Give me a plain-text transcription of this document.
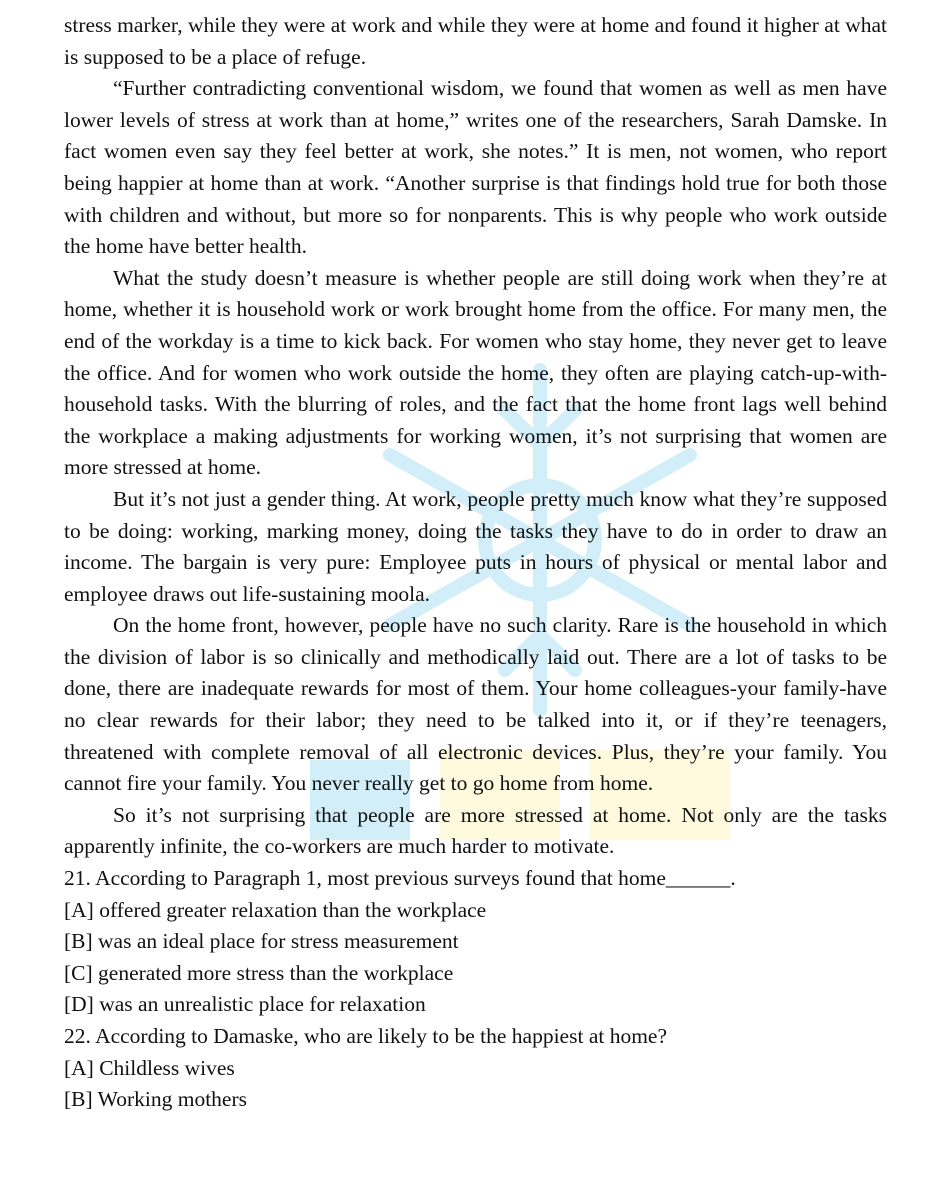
stress marker, while they were at work and while they were at home and found it higher at what is supposed to be a place of refuge.

“Further contradicting conventional wisdom, we found that women as well as men have lower levels of stress at work than at home,” writes one of the researchers, Sarah Damske. In fact women even say they feel better at work, she notes.” It is men, not women, who report being happier at home than at work. “Another surprise is that findings hold true for both those with children and without, but more so for nonparents. This is why people who work outside the home have better health.

What the study doesn’t measure is whether people are still doing work when they’re at home, whether it is household work or work brought home from the office. For many men, the end of the workday is a time to kick back. For women who stay home, they never get to leave the office. And for women who work outside the home, they often are playing catch-up-with-household tasks. With the blurring of roles, and the fact that the home front lags well behind the workplace a making adjustments for working women, it’s not surprising that women are more stressed at home.

But it’s not just a gender thing. At work, people pretty much know what they’re supposed to be doing: working, marking money, doing the tasks they have to do in order to draw an income. The bargain is very pure: Employee puts in hours of physical or mental labor and employee draws out life-sustaining moola.

On the home front, however, people have no such clarity. Rare is the household in which the division of labor is so clinically and methodically laid out. There are a lot of tasks to be done, there are inadequate rewards for most of them. Your home colleagues-your family-have no clear rewards for their labor; they need to be talked into it, or if they’re teenagers, threatened with complete removal of all electronic devices. Plus, they’re your family. You cannot fire your family. You never really get to go home from home.

So it’s not surprising that people are more stressed at home. Not only are the tasks apparently infinite, the co-workers are much harder to motivate.

21. According to Paragraph 1, most previous surveys found that home______.
[A] offered greater relaxation than the workplace
[B] was an ideal place for stress measurement
[C] generated more stress than the workplace
[D] was an unrealistic place for relaxation
22. According to Damaske, who are likely to be the happiest at home?
[A] Childless wives
[B] Working mothers
